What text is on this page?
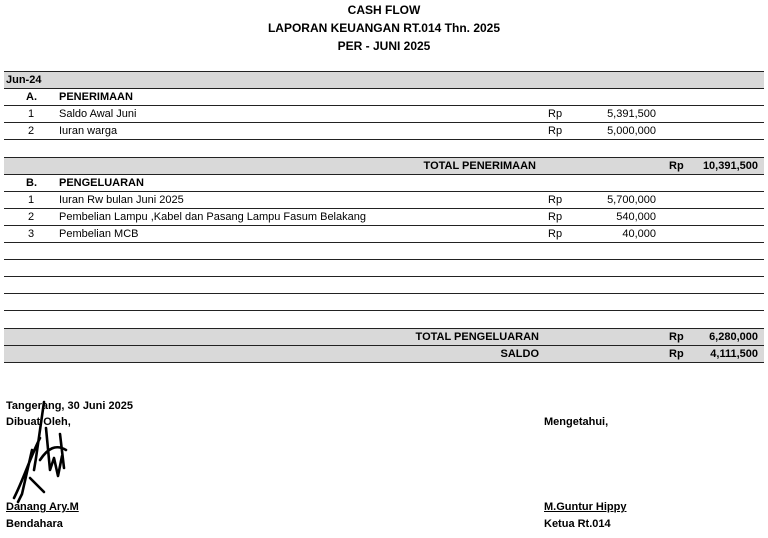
CASH FLOW
LAPORAN KEUANGAN RT.014 Thn. 2025
PER - JUNI 2025
Jun-24
A. PENERIMAAN
1 Saldo Awal Juni	Rp	5,391,500
2 Iuran warga	Rp	5,000,000
TOTAL PENERIMAAN	Rp	10,391,500
B. PENGELUARAN
1 Iuran Rw bulan Juni 2025	Rp	5,700,000
2 Pembelian Lampu ,Kabel dan Pasang Lampu Fasum Belakang	Rp	540,000
3 Pembelian MCB	Rp	40,000
TOTAL PENGELUARAN	Rp	6,280,000
SALDO	Rp	4,111,500
Tangerang, 30 Juni 2025
Dibuat Oleh,	Mengetahui,
Danang Ary.M
Bendahara
M.Guntur Hippy
Ketua Rt.014
